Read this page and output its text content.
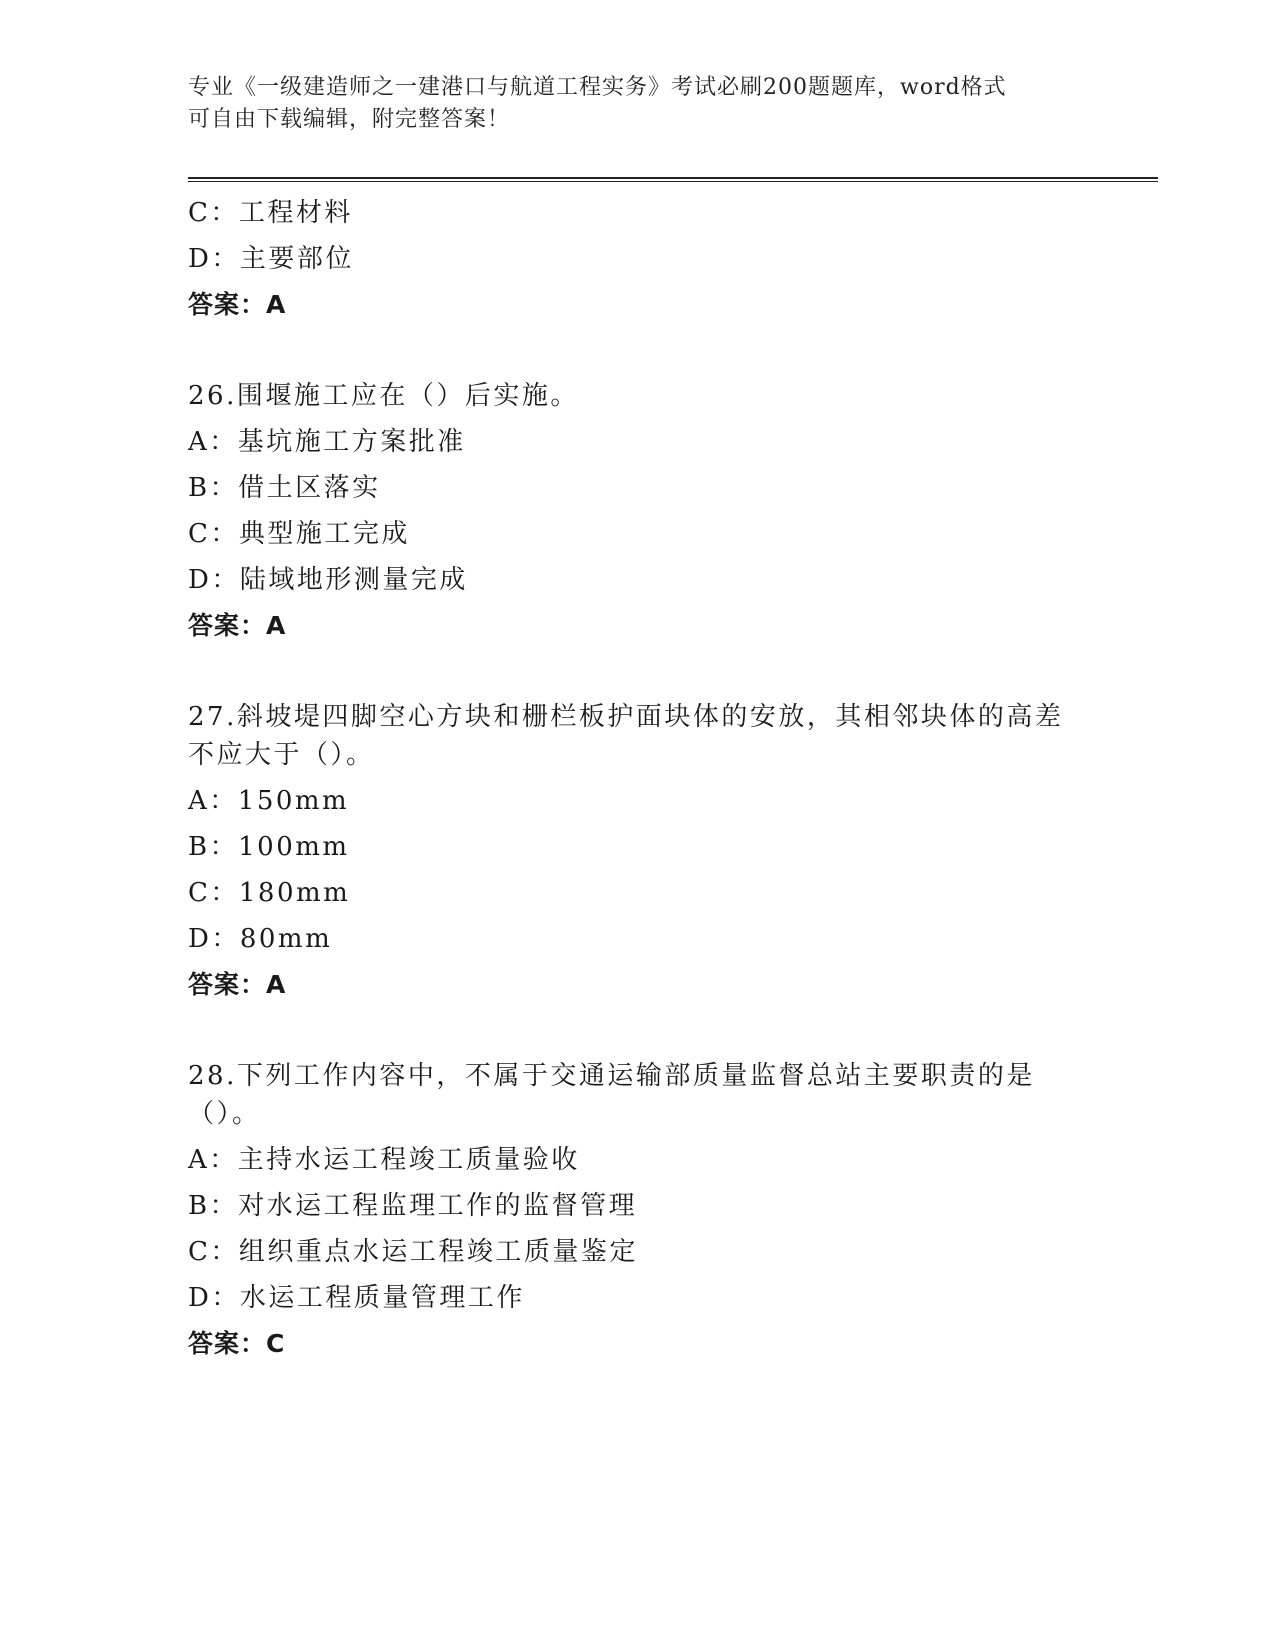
专业《一级建造师之一建港口与航道工程实务》考试必刷200题题库，word格式
可自由下载编辑，附完整答案！
C：工程材料
D：主要部位
答案：A
26.围堰施工应在（）后实施。
A：基坑施工方案批准
B：借土区落实
C：典型施工完成
D：陆域地形测量完成
答案：A
27.斜坡堤四脚空心方块和栅栏板护面块体的安放，其相邻块体的高差不应大于（）。
A：150mm
B：100mm
C：180mm
D：80mm
答案：A
28.下列工作内容中，不属于交通运输部质量监督总站主要职责的是（）。
A：主持水运工程竣工质量验收
B：对水运工程监理工作的监督管理
C：组织重点水运工程竣工质量鉴定
D：水运工程质量管理工作
答案：C
